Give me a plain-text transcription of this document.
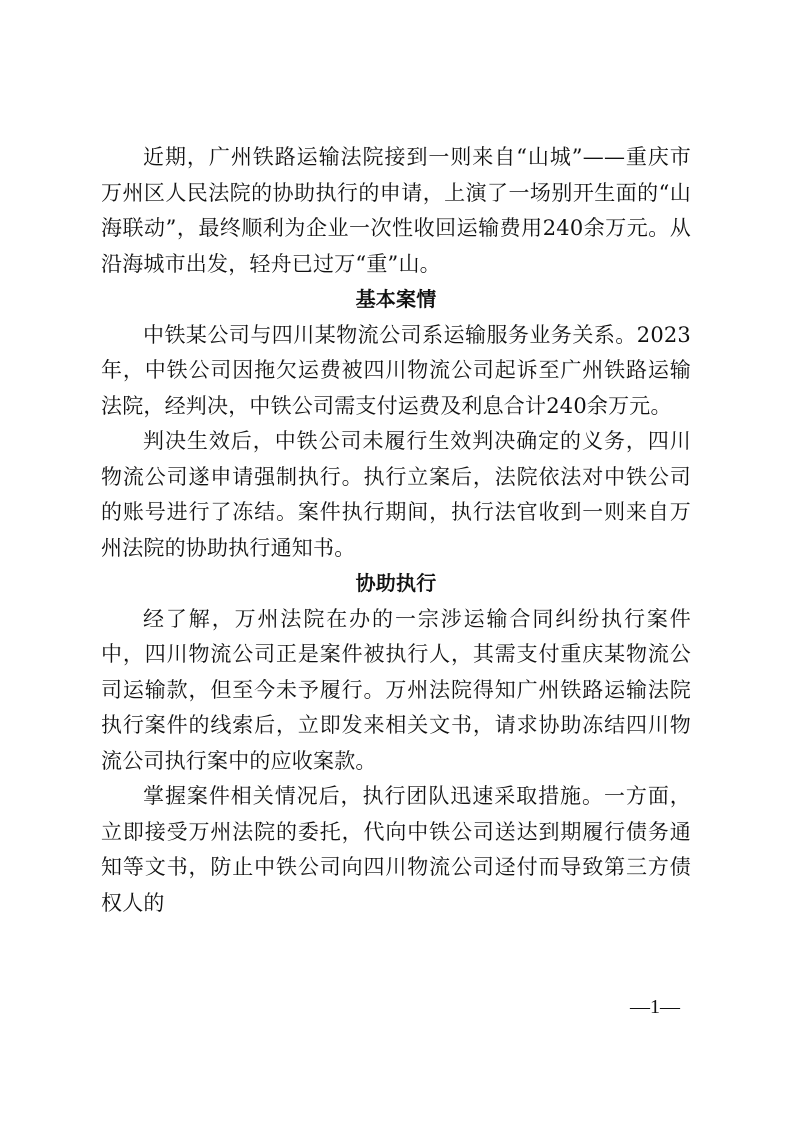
近期，广州铁路运输法院接到一则来自“山城”——重庆市万州区人民法院的协助执行的申请，上演了一场别开生面的“山海联动”，最终顺利为企业一次性收回运输费用240余万元。从沿海城市出发，轻舟已过万“重”山。

基本案情

中铁某公司与四川某物流公司系运输服务业务关系。2023年，中铁公司因拖欠运费被四川物流公司起诉至广州铁路运输法院，经判决，中铁公司需支付运费及利息合计240余万元。

判决生效后，中铁公司未履行生效判决确定的义务，四川物流公司遂申请强制执行。执行立案后，法院依法对中铁公司的账号进行了冻结。案件执行期间，执行法官收到一则来自万州法院的协助执行通知书。

协助执行

经了解，万州法院在办的一宗涉运输合同纠纷执行案件中，四川物流公司正是案件被执行人，其需支付重庆某物流公司运输款，但至今未予履行。万州法院得知广州铁路运输法院执行案件的线索后，立即发来相关文书，请求协助冻结四川物流公司执行案中的应收案款。

掌握案件相关情况后，执行团队迅速采取措施。一方面，立即接受万州法院的委托，代向中铁公司送达到期履行债务通知等文书，防止中铁公司向四川物流公司迳付而导致第三方债权人的

—1—
